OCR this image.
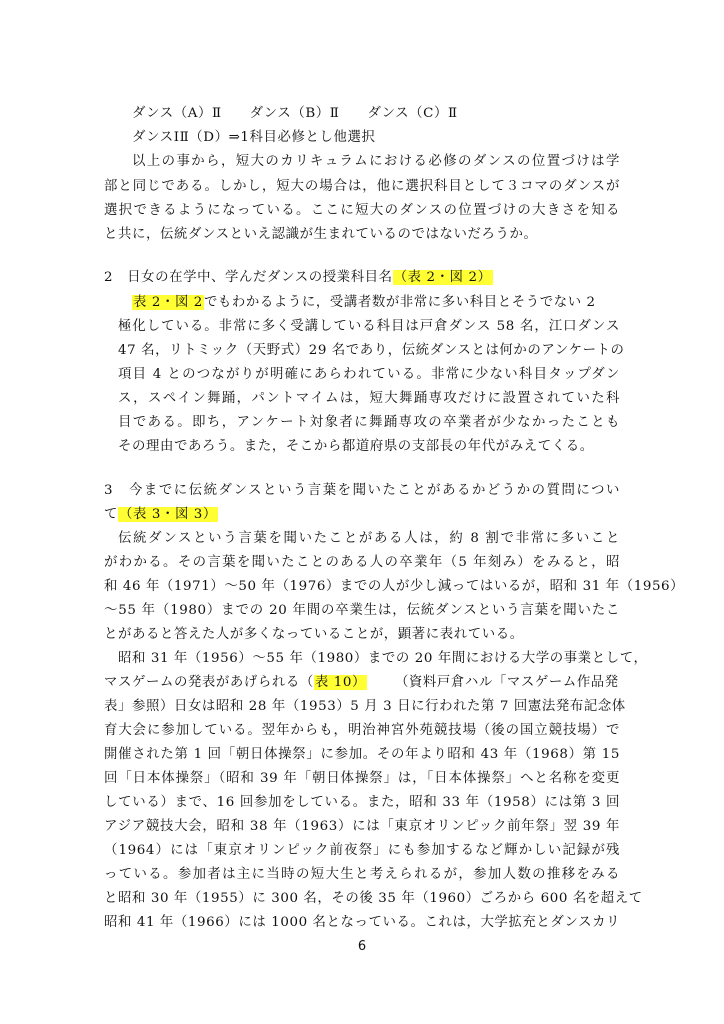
ダンス（A）Ⅱ　　ダンス（B）Ⅱ　　ダンス（C）Ⅱ
ダンスⅠⅡ（D）⇒1科目必修とし他選択
以上の事から，短大のカリキュラムにおける必修のダンスの位置づけは学
部と同じである。しかし，短大の場合は，他に選択科目として３コマのダンスが
選択できるようになっている。ここに短大のダンスの位置づけの大きさを知る
と共に，伝統ダンスといえ認識が生まれているのではないだろうか。
2　日女の在学中、学んだダンスの授業科目名（表 2・図 2）
表 2・図 2でもわかるように，受講者数が非常に多い科目とそうでない 2
極化している。非常に多く受講している科目は戸倉ダンス 58 名，江口ダンス
47 名，リトミック（天野式）29 名であり，伝統ダンスとは何かのアンケートの
項目 4 とのつながりが明確にあらわれている。非常に少ない科目タップダン
ス，スペイン舞踊，パントマイムは，短大舞踊専攻だけに設置されていた科
目である。即ち，アンケート対象者に舞踊専攻の卒業者が少なかったことも
その理由であろう。また，そこから都道府県の支部長の年代がみえてくる。
3　今までに伝統ダンスという言葉を聞いたことがあるかどうかの質問につい
て（表 3・図 3）
伝統ダンスという言葉を聞いたことがある人は，約 8 割で非常に多いこと
がわかる。その言葉を聞いたことのある人の卒業年（5 年刻み）をみると，昭
和 46 年（1971）～50 年（1976）までの人が少し減ってはいるが，昭和 31 年（1956）
～55 年（1980）までの 20 年間の卒業生は，伝統ダンスという言葉を聞いたこ
とがあると答えた人が多くなっていることが，顕著に表れている。
昭和 31 年（1956）～55 年（1980）までの 20 年間における大学の事業として，
マスゲームの発表があげられる（表 10） （資料戸倉ハル「マスゲーム作品発
表」参照）日女は昭和 28 年（1953）5 月 3 日に行われた第 7 回憲法発布記念体
育大会に参加している。翌年からも，明治神宮外苑競技場（後の国立競技場）で
開催された第 1 回「朝日体操祭」に参加。その年より昭和 43 年（1968）第 15
回「日本体操祭」（昭和 39 年「朝日体操祭」は，「日本体操祭」へと名称を変更
している）まで、16 回参加をしている。また，昭和 33 年（1958）には第 3 回
アジア競技大会，昭和 38 年（1963）には「東京オリンピック前年祭」翌 39 年
（1964）には「東京オリンピック前夜祭」にも参加するなど輝かしい記録が残
っている。参加者は主に当時の短大生と考えられるが，参加人数の推移をみる
と昭和 30 年（1955）に 300 名，その後 35 年（1960）ごろから 600 名を超えて
昭和 41 年（1966）には 1000 名となっている。これは，大学拡充とダンスカリ
6
